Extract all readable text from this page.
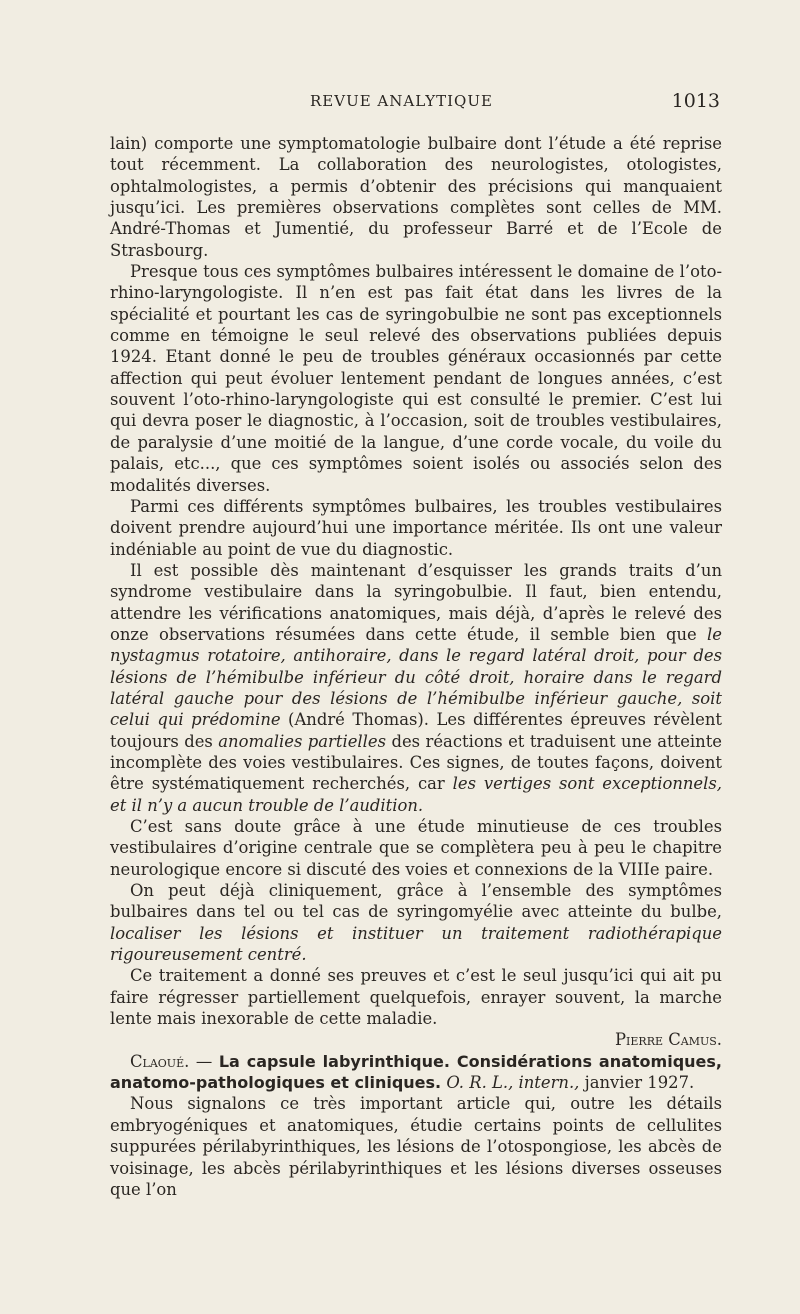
REVUE ANALYTIQUE	1013

lain) comporte une symptomatologie bulbaire dont l’étude a été reprise tout récemment. La collaboration des neurologistes, otologistes, ophtalmologistes, a permis d’obtenir des précisions qui manquaient jusqu’ici. Les premières observations complètes sont celles de MM. André-Thomas et Jumentié, du professeur Barré et de l’Ecole de Strasbourg.

Presque tous ces symptômes bulbaires intéressent le domaine de l’oto-rhino-laryngologiste. Il n’en est pas fait état dans les livres de la spécialité et pourtant les cas de syringobulbie ne sont pas exceptionnels comme en témoigne le seul relevé des observations publiées depuis 1924. Etant donné le peu de troubles généraux occasionnés par cette affection qui peut évoluer lentement pendant de longues années, c’est souvent l’oto-rhino-laryngologiste qui est consulté le premier. C’est lui qui devra poser le diagnostic, à l’occasion, soit de troubles vestibulaires, de paralysie d’une moitié de la langue, d’une corde vocale, du voile du palais, etc..., que ces symptômes soient isolés ou associés selon des modalités diverses.

Parmi ces différents symptômes bulbaires, les troubles vestibulaires doivent prendre aujourd’hui une importance méritée. Ils ont une valeur indéniable au point de vue du diagnostic.

Il est possible dès maintenant d’esquisser les grands traits d’un syndrome vestibulaire dans la syringobulbie. Il faut, bien entendu, attendre les vérifications anatomiques, mais déjà, d’après le relevé des onze observations résumées dans cette étude, il semble bien que le nystagmus rotatoire, antihoraire, dans le regard latéral droit, pour des lésions de l’hémibulbe inférieur du côté droit, horaire dans le regard latéral gauche pour des lésions de l’hémibulbe inférieur gauche, soit celui qui prédomine (André Thomas). Les différentes épreuves révèlent toujours des anomalies partielles des réactions et traduisent une atteinte incomplète des voies vestibulaires. Ces signes, de toutes façons, doivent être systématiquement recherchés, car les vertiges sont exceptionnels, et il n’y a aucun trouble de l’audition.

C’est sans doute grâce à une étude minutieuse de ces troubles vestibulaires d’origine centrale que se complètera peu à peu le chapitre neurologique encore si discuté des voies et connexions de la VIIIe paire.

On peut déjà cliniquement, grâce à l’ensemble des symptômes bulbaires dans tel ou tel cas de syringomyélie avec atteinte du bulbe, localiser les lésions et instituer un traitement radiothérapique rigoureusement centré.

Ce traitement a donné ses preuves et c’est le seul jusqu’ici qui ait pu faire régresser partiellement quelquefois, enrayer souvent, la marche lente mais inexorable de cette maladie.

Pierre Camus.

Claoué. — La capsule labyrinthique. Considérations anatomiques, anatomo-pathologiques et cliniques. O. R. L., intern., janvier 1927.

Nous signalons ce très important article qui, outre les détails embryogéniques et anatomiques, étudie certains points de cellulites suppurées périlabyrinthiques, les lésions de l’otospongiose, les abcès de voisinage, les abcès périlabyrinthiques et les lésions diverses osseuses que l’on
